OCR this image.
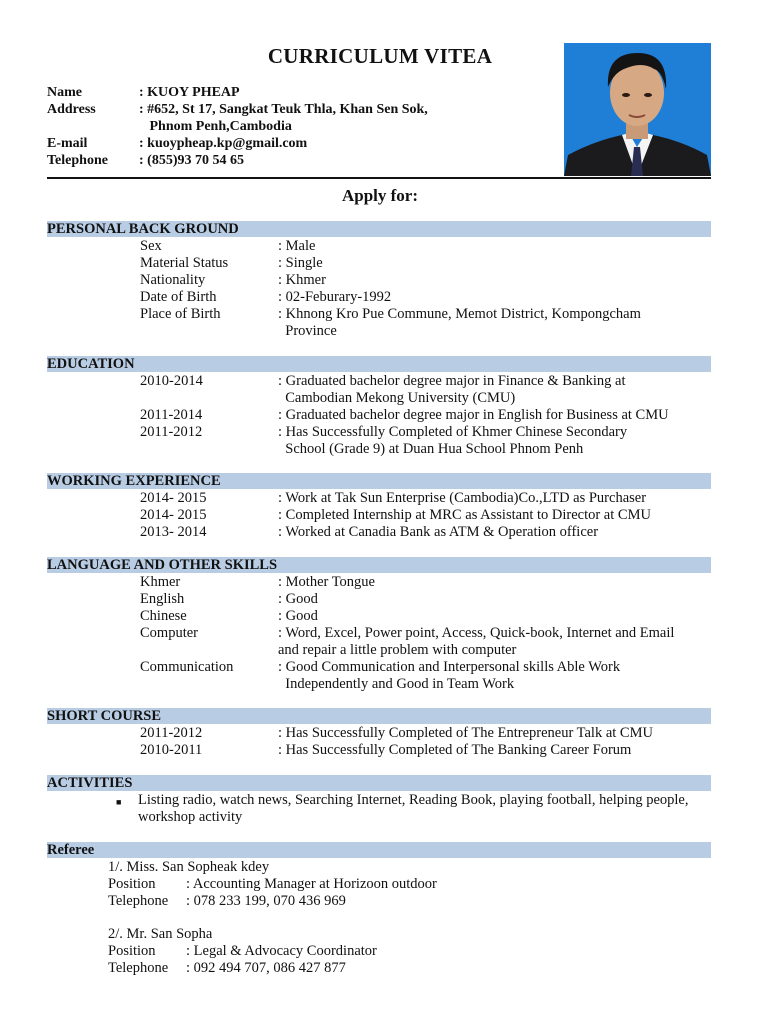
CURRICULUM VITEA
Name	: KUOY PHEAP
Address	: #652, St 17, Sangkat Teuk Thla, Khan Sen Sok,
Phnom Penh,Cambodia
E-mail	: kuoypheap.kp@gmail.com
Telephone	: (855)93 70 54 65
Apply for:
PERSONAL BACK GROUND
Sex	: Male
Material Status	: Single
Nationality	: Khmer
Date of Birth	: 02-Feburary-1992
Place of Birth	: Khnong Kro Pue Commune, Memot District, Kompongcham
Province
EDUCATION
2010-2014	: Graduated bachelor degree major in Finance & Banking at
Cambodian Mekong University (CMU)
2011-2014	: Graduated bachelor degree major in English for Business at CMU
2011-2012	: Has Successfully Completed of Khmer Chinese Secondary
School (Grade 9) at Duan Hua School Phnom Penh
WORKING EXPERIENCE
2014- 2015	: Work at Tak Sun Enterprise (Cambodia)Co.,LTD as Purchaser
2014- 2015	: Completed Internship at MRC as Assistant to Director at CMU
2013- 2014	: Worked at Canadia Bank as ATM & Operation officer
LANGUAGE AND OTHER SKILLS
Khmer	: Mother Tongue
English	: Good
Chinese	: Good
Computer	: Word, Excel, Power point, Access, Quick-book, Internet and Email
and repair a little problem with computer
Communication	: Good Communication and Interpersonal skills Able Work
Independently and Good in Team Work
SHORT COURSE
2011-2012	: Has Successfully Completed of The Entrepreneur Talk at CMU
2010-2011	: Has Successfully Completed of The Banking Career Forum
ACTIVITIES
■	Listing radio, watch news, Searching Internet, Reading Book, playing football, helping people, workshop activity
Referee
1/. Miss. San Sopheak kdey
Position	: Accounting Manager at Horizoon outdoor
Telephone	: 078 233 199, 070 436 969
2/. Mr. San Sopha
Position	: Legal & Advocacy Coordinator
Telephone	: 092 494 707, 086 427 877
